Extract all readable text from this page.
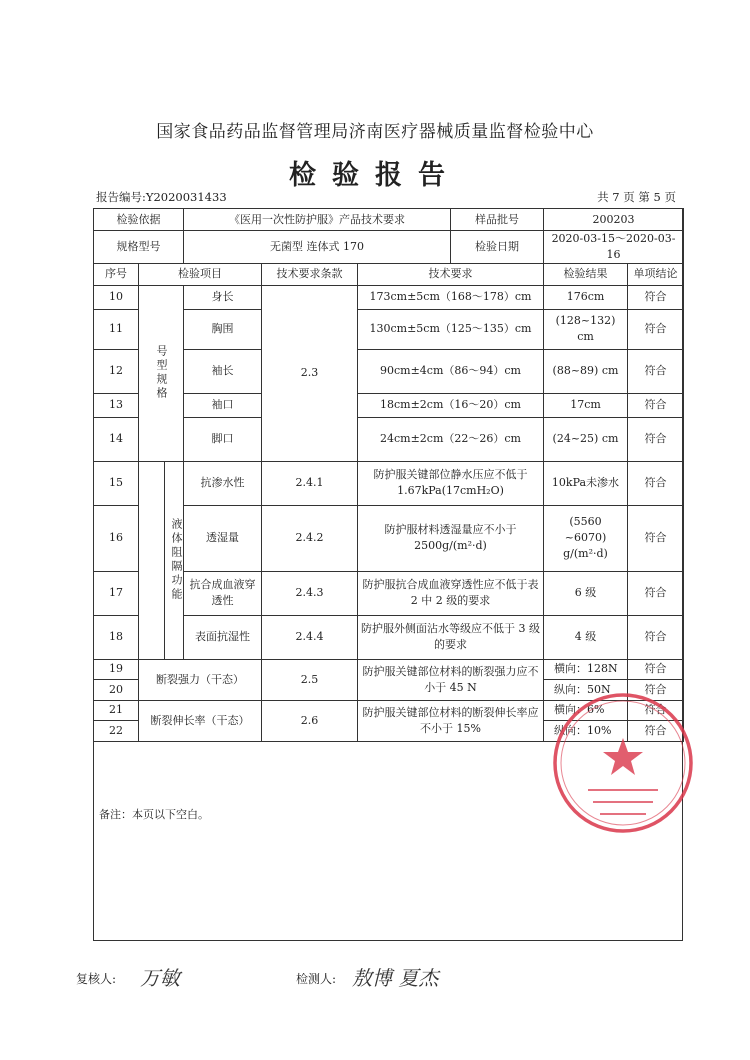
国家食品药品监督管理局济南医疗器械质量监督检验中心
检验报告
报告编号:Y2020031433	共 7 页 第 5 页
检验依据			《医用一次性防护服》产品技术要求			样品批号	200203	
规格型号			无菌型 连体式 170			检验日期	2020-03-15～2020-03-16	
序号	检验项目			技术要求条款	技术要求		检验结果	单项结论
10	号型规格		身长	2.3	173cm±5cm（168～178）cm		176cm	符合
11			胸围		130cm±5cm（125～135）cm		(128~132) cm	符合
12			袖长		90cm±4cm（86～94）cm		(88~89) cm	符合
13			袖口		18cm±2cm（16～20）cm		17cm	符合
14			脚口		24cm±2cm（22～26）cm		(24~25) cm	符合
15		液体阻隔功能	抗渗水性	2.4.1	防护服关键部位静水压应不低于 1.67kPa(17cmH₂O)		10kPa未渗水	符合
16			透湿量	2.4.2	防护服材料透湿量应不小于 2500g/(m²·d)		(5560 ~6070) g/(m²·d)	符合
17			抗合成血液穿透性	2.4.3	防护服抗合成血液穿透性应不低于表 2 中 2 级的要求		6 级	符合
18			表面抗湿性	2.4.4	防护服外侧面沾水等级应不低于 3 级的要求		4 级	符合
19	断裂强力（干态）			2.5	防护服关键部位材料的断裂强力应不小于 45 N		横向：128N	符合
20							纵向：50N	符合
21	断裂伸长率（干态）			2.6	防护服关键部位材料的断裂伸长率应不小于 15%		横向：6%	符合
22							纵向：10%	符合
备注：本页以下空白。
复核人: 万敏	检测人: 敖博 夏杰
